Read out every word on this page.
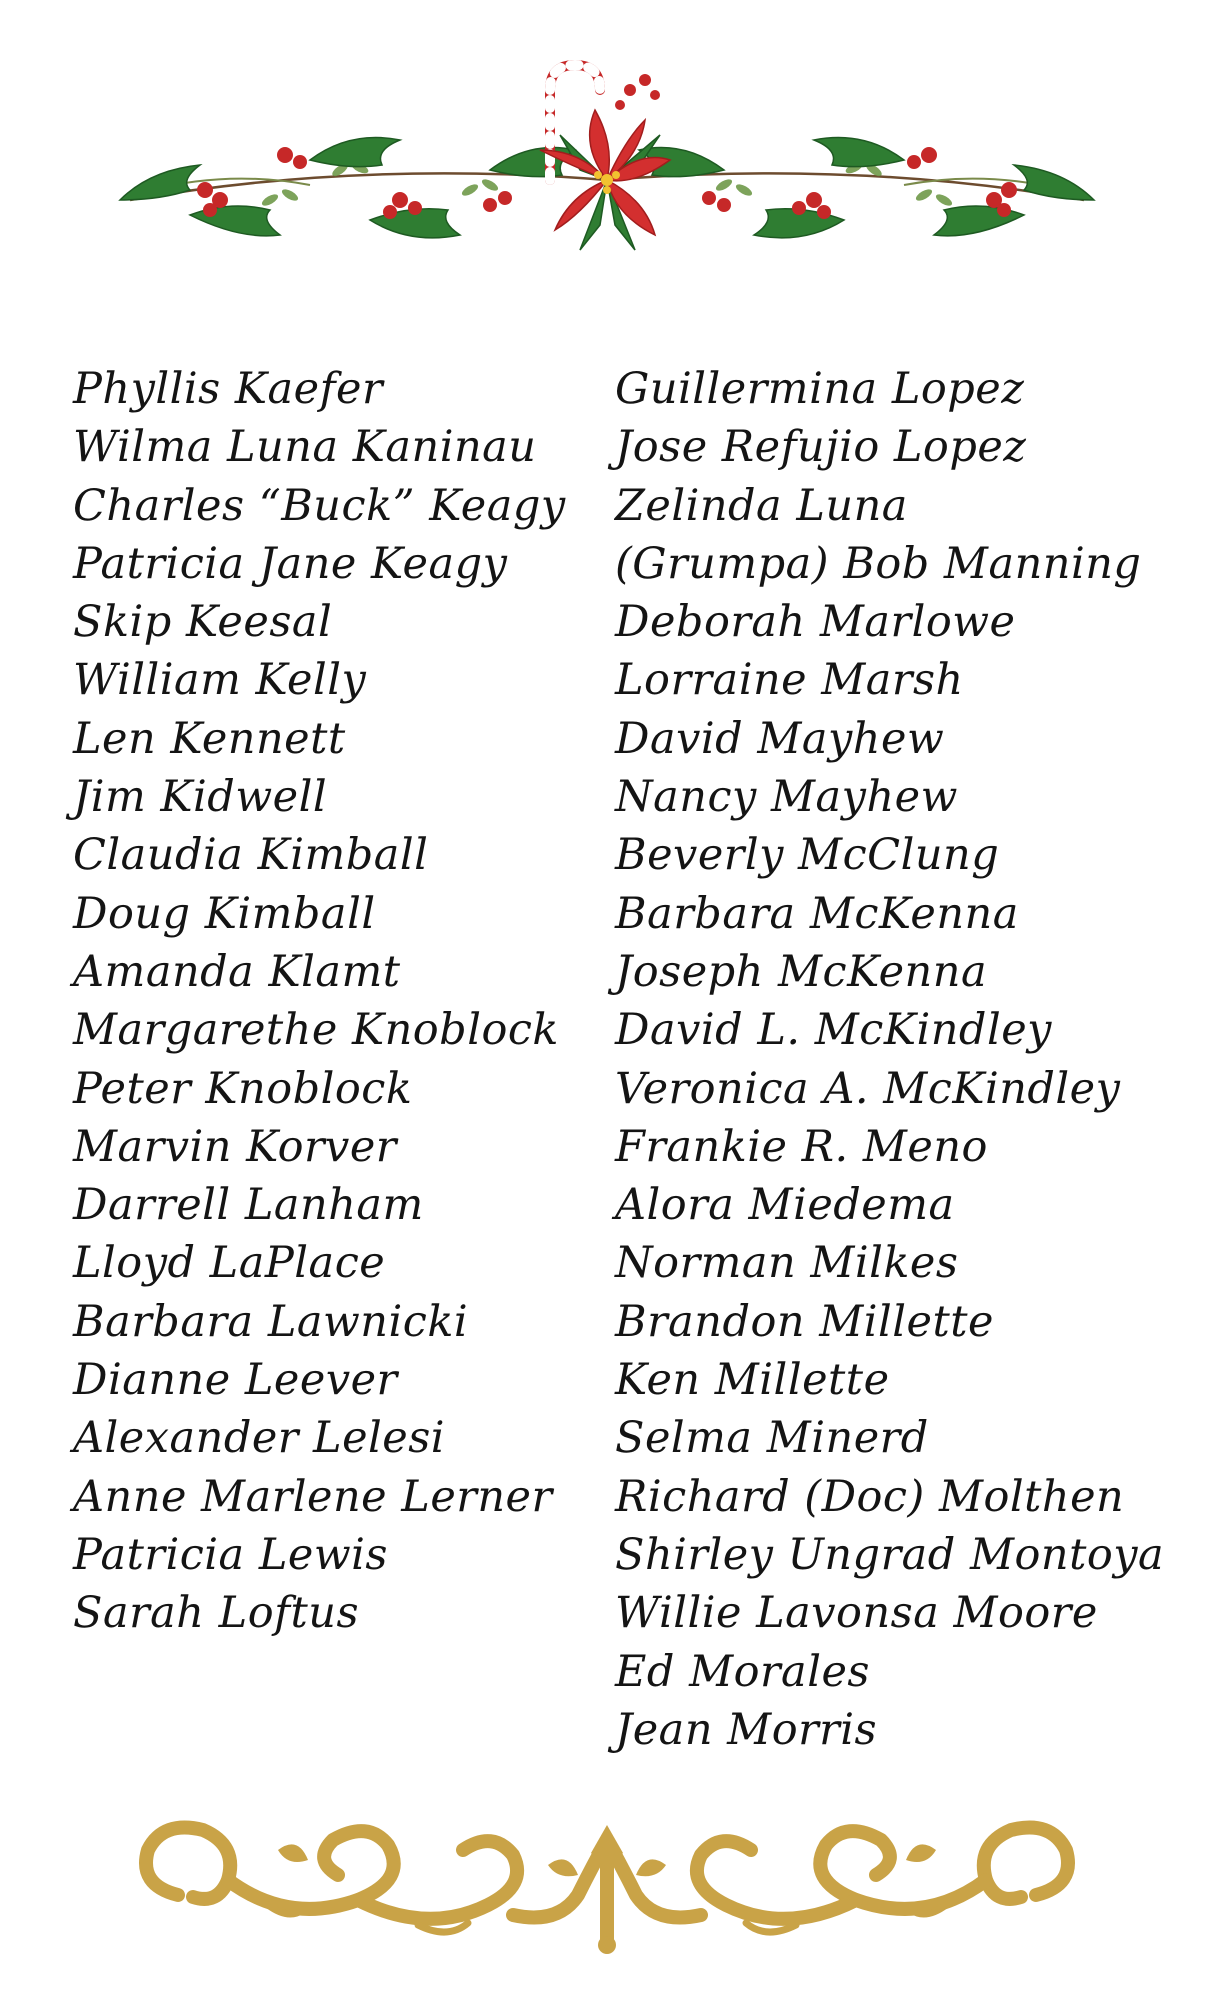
Phyllis Kaefer
Wilma Luna Kaninau
Charles “Buck” Keagy
Patricia Jane Keagy
Skip Keesal
William Kelly
Len Kennett
Jim Kidwell
Claudia Kimball
Doug Kimball
Amanda Klamt
Margarethe Knoblock
Peter Knoblock
Marvin Korver
Darrell Lanham
Lloyd LaPlace
Barbara Lawnicki
Dianne Leever
Alexander Lelesi
Anne Marlene Lerner
Patricia Lewis
Sarah Loftus
Guillermina Lopez
Jose Refujio Lopez
Zelinda Luna
(Grumpa) Bob Manning
Deborah Marlowe
Lorraine Marsh
David Mayhew
Nancy Mayhew
Beverly McClung
Barbara McKenna
Joseph McKenna
David L. McKindley
Veronica A. McKindley
Frankie R. Meno
Alora Miedema
Norman Milkes
Brandon Millette
Ken Millette
Selma Minerd
Richard (Doc) Molthen
Shirley Ungrad Montoya
Willie Lavonsa Moore
Ed Morales
Jean Morris
